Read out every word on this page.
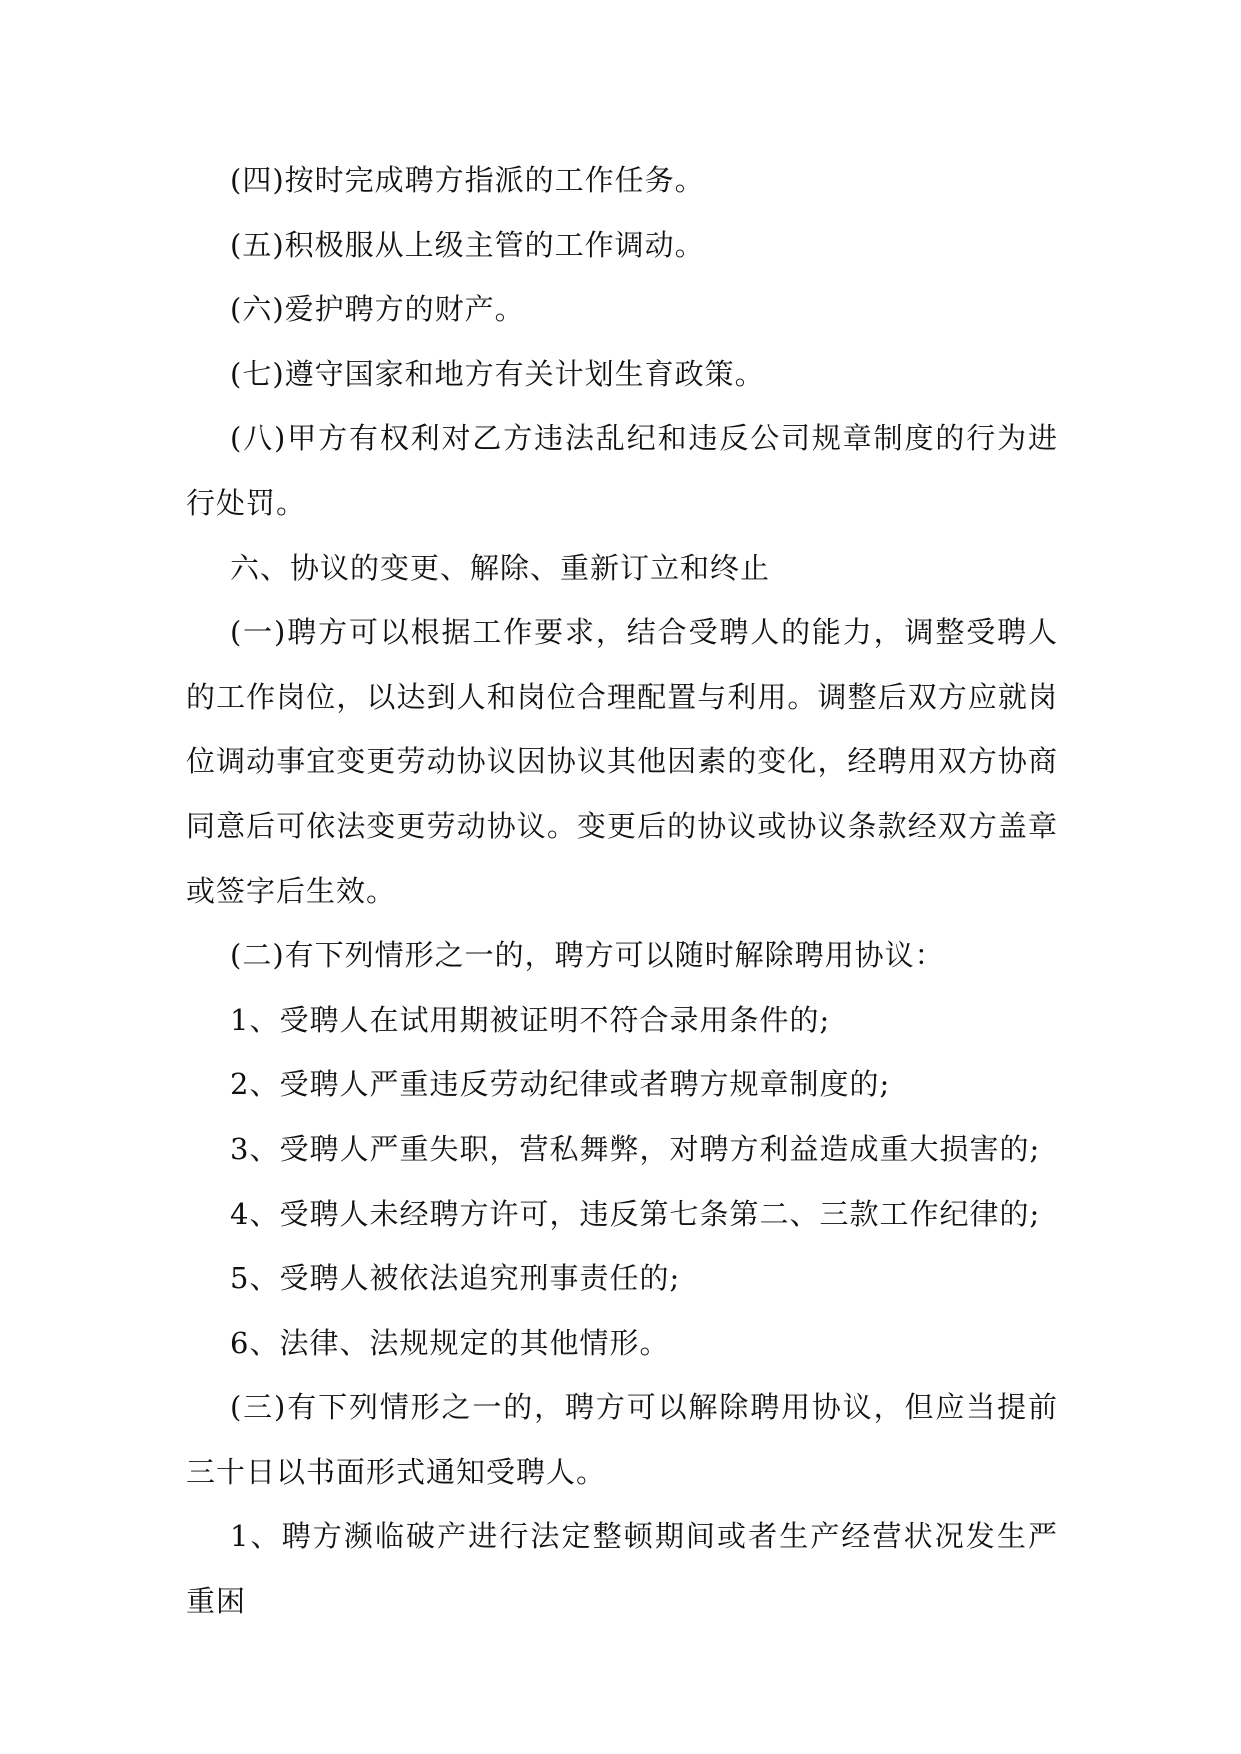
(四)按时完成聘方指派的工作任务。

(五)积极服从上级主管的工作调动。

(六)爱护聘方的财产。

(七)遵守国家和地方有关计划生育政策。

(八)甲方有权利对乙方违法乱纪和违反公司规章制度的行为进行处罚。

六、协议的变更、解除、重新订立和终止

(一)聘方可以根据工作要求，结合受聘人的能力，调整受聘人的工作岗位，以达到人和岗位合理配置与利用。调整后双方应就岗位调动事宜变更劳动协议因协议其他因素的变化，经聘用双方协商同意后可依法变更劳动协议。变更后的协议或协议条款经双方盖章或签字后生效。

(二)有下列情形之一的，聘方可以随时解除聘用协议：

1、受聘人在试用期被证明不符合录用条件的;

2、受聘人严重违反劳动纪律或者聘方规章制度的;

3、受聘人严重失职，营私舞弊，对聘方利益造成重大损害的;

4、受聘人未经聘方许可，违反第七条第二、三款工作纪律的;

5、受聘人被依法追究刑事责任的;

6、法律、法规规定的其他情形。

(三)有下列情形之一的，聘方可以解除聘用协议，但应当提前三十日以书面形式通知受聘人。

1、聘方濒临破产进行法定整顿期间或者生产经营状况发生严重困
